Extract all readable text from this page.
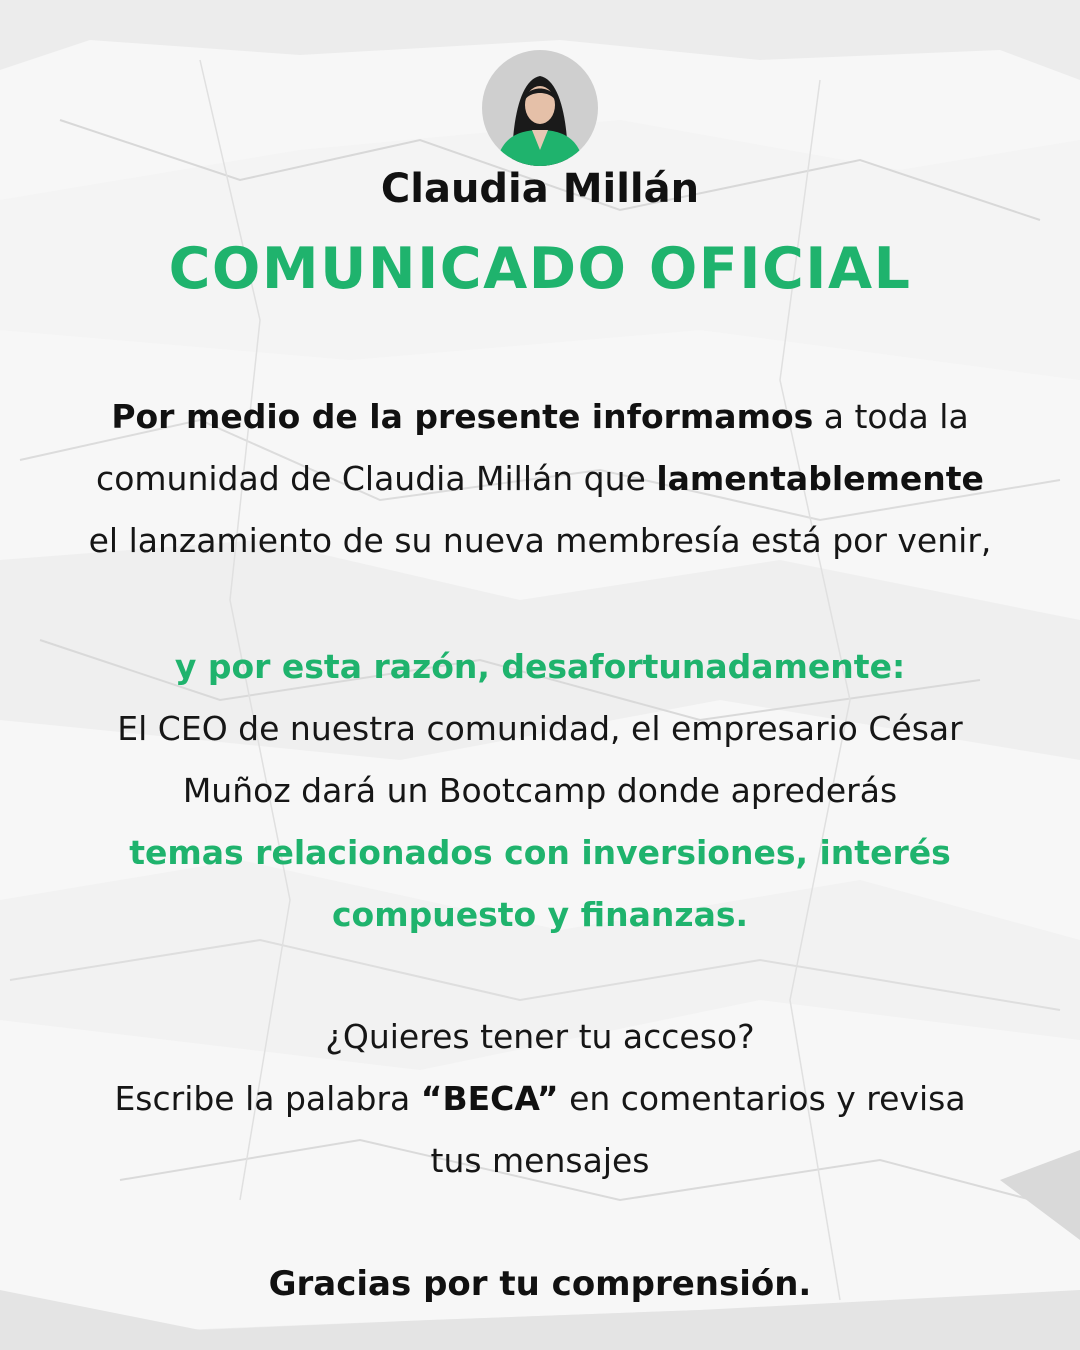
Claudia Millán
COMUNICADO OFICIAL
Por medio de la presente informamos a toda la
comunidad de Claudia Millán que lamentablemente
el lanzamiento de su nueva membresía está por venir,
y por esta razón, desafortunadamente:
El CEO de nuestra comunidad, el empresario César
Muñoz dará un Bootcamp donde aprederás
temas relacionados con inversiones, interés
compuesto y finanzas.
¿Quieres tener tu acceso?
Escribe la palabra “BECA” en comentarios y revisa
tus mensajes
Gracias por tu comprensión.
